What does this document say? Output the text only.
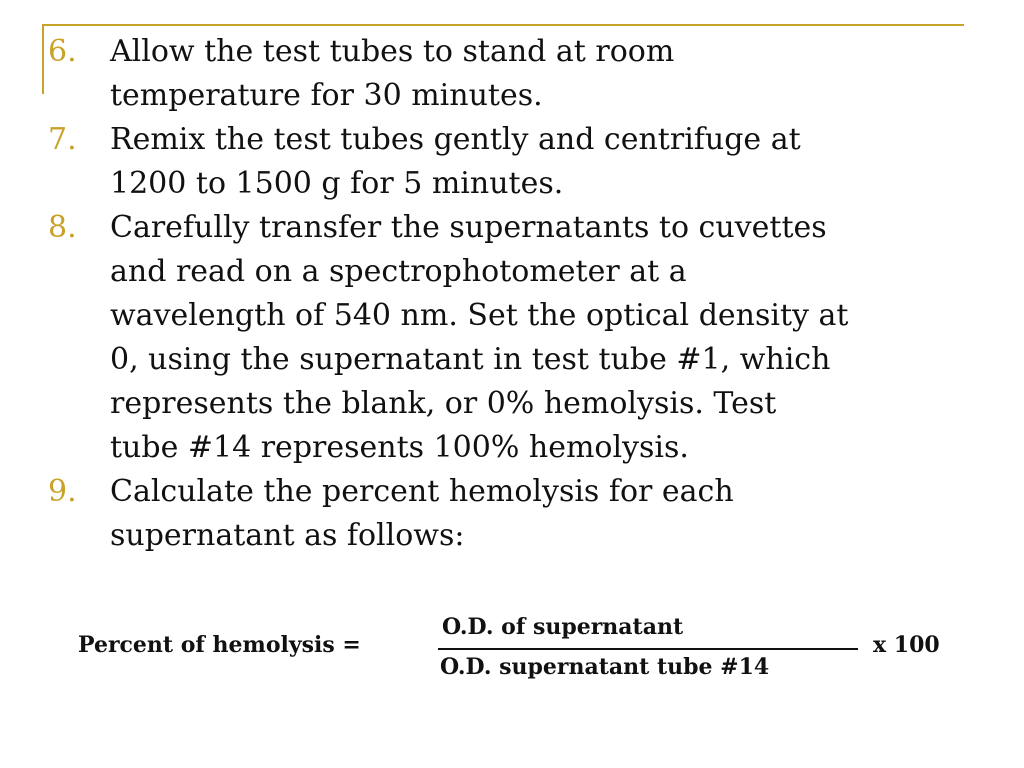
6. Allow the test tubes to stand at room
temperature for 30 minutes.
7. Remix the test tubes gently and centrifuge at
1200 to 1500 g for 5 minutes.
8. Carefully transfer the supernatants to cuvettes
and read on a spectrophotometer at a
wavelength of 540 nm. Set the optical density at
0, using the supernatant in test tube #1, which
represents the blank, or 0% hemolysis. Test
tube #14 represents 100% hemolysis.
9. Calculate the percent hemolysis for each
supernatant as follows:
Percent of hemolysis =
O.D. of supernatant
O.D. supernatant tube #14
x 100
